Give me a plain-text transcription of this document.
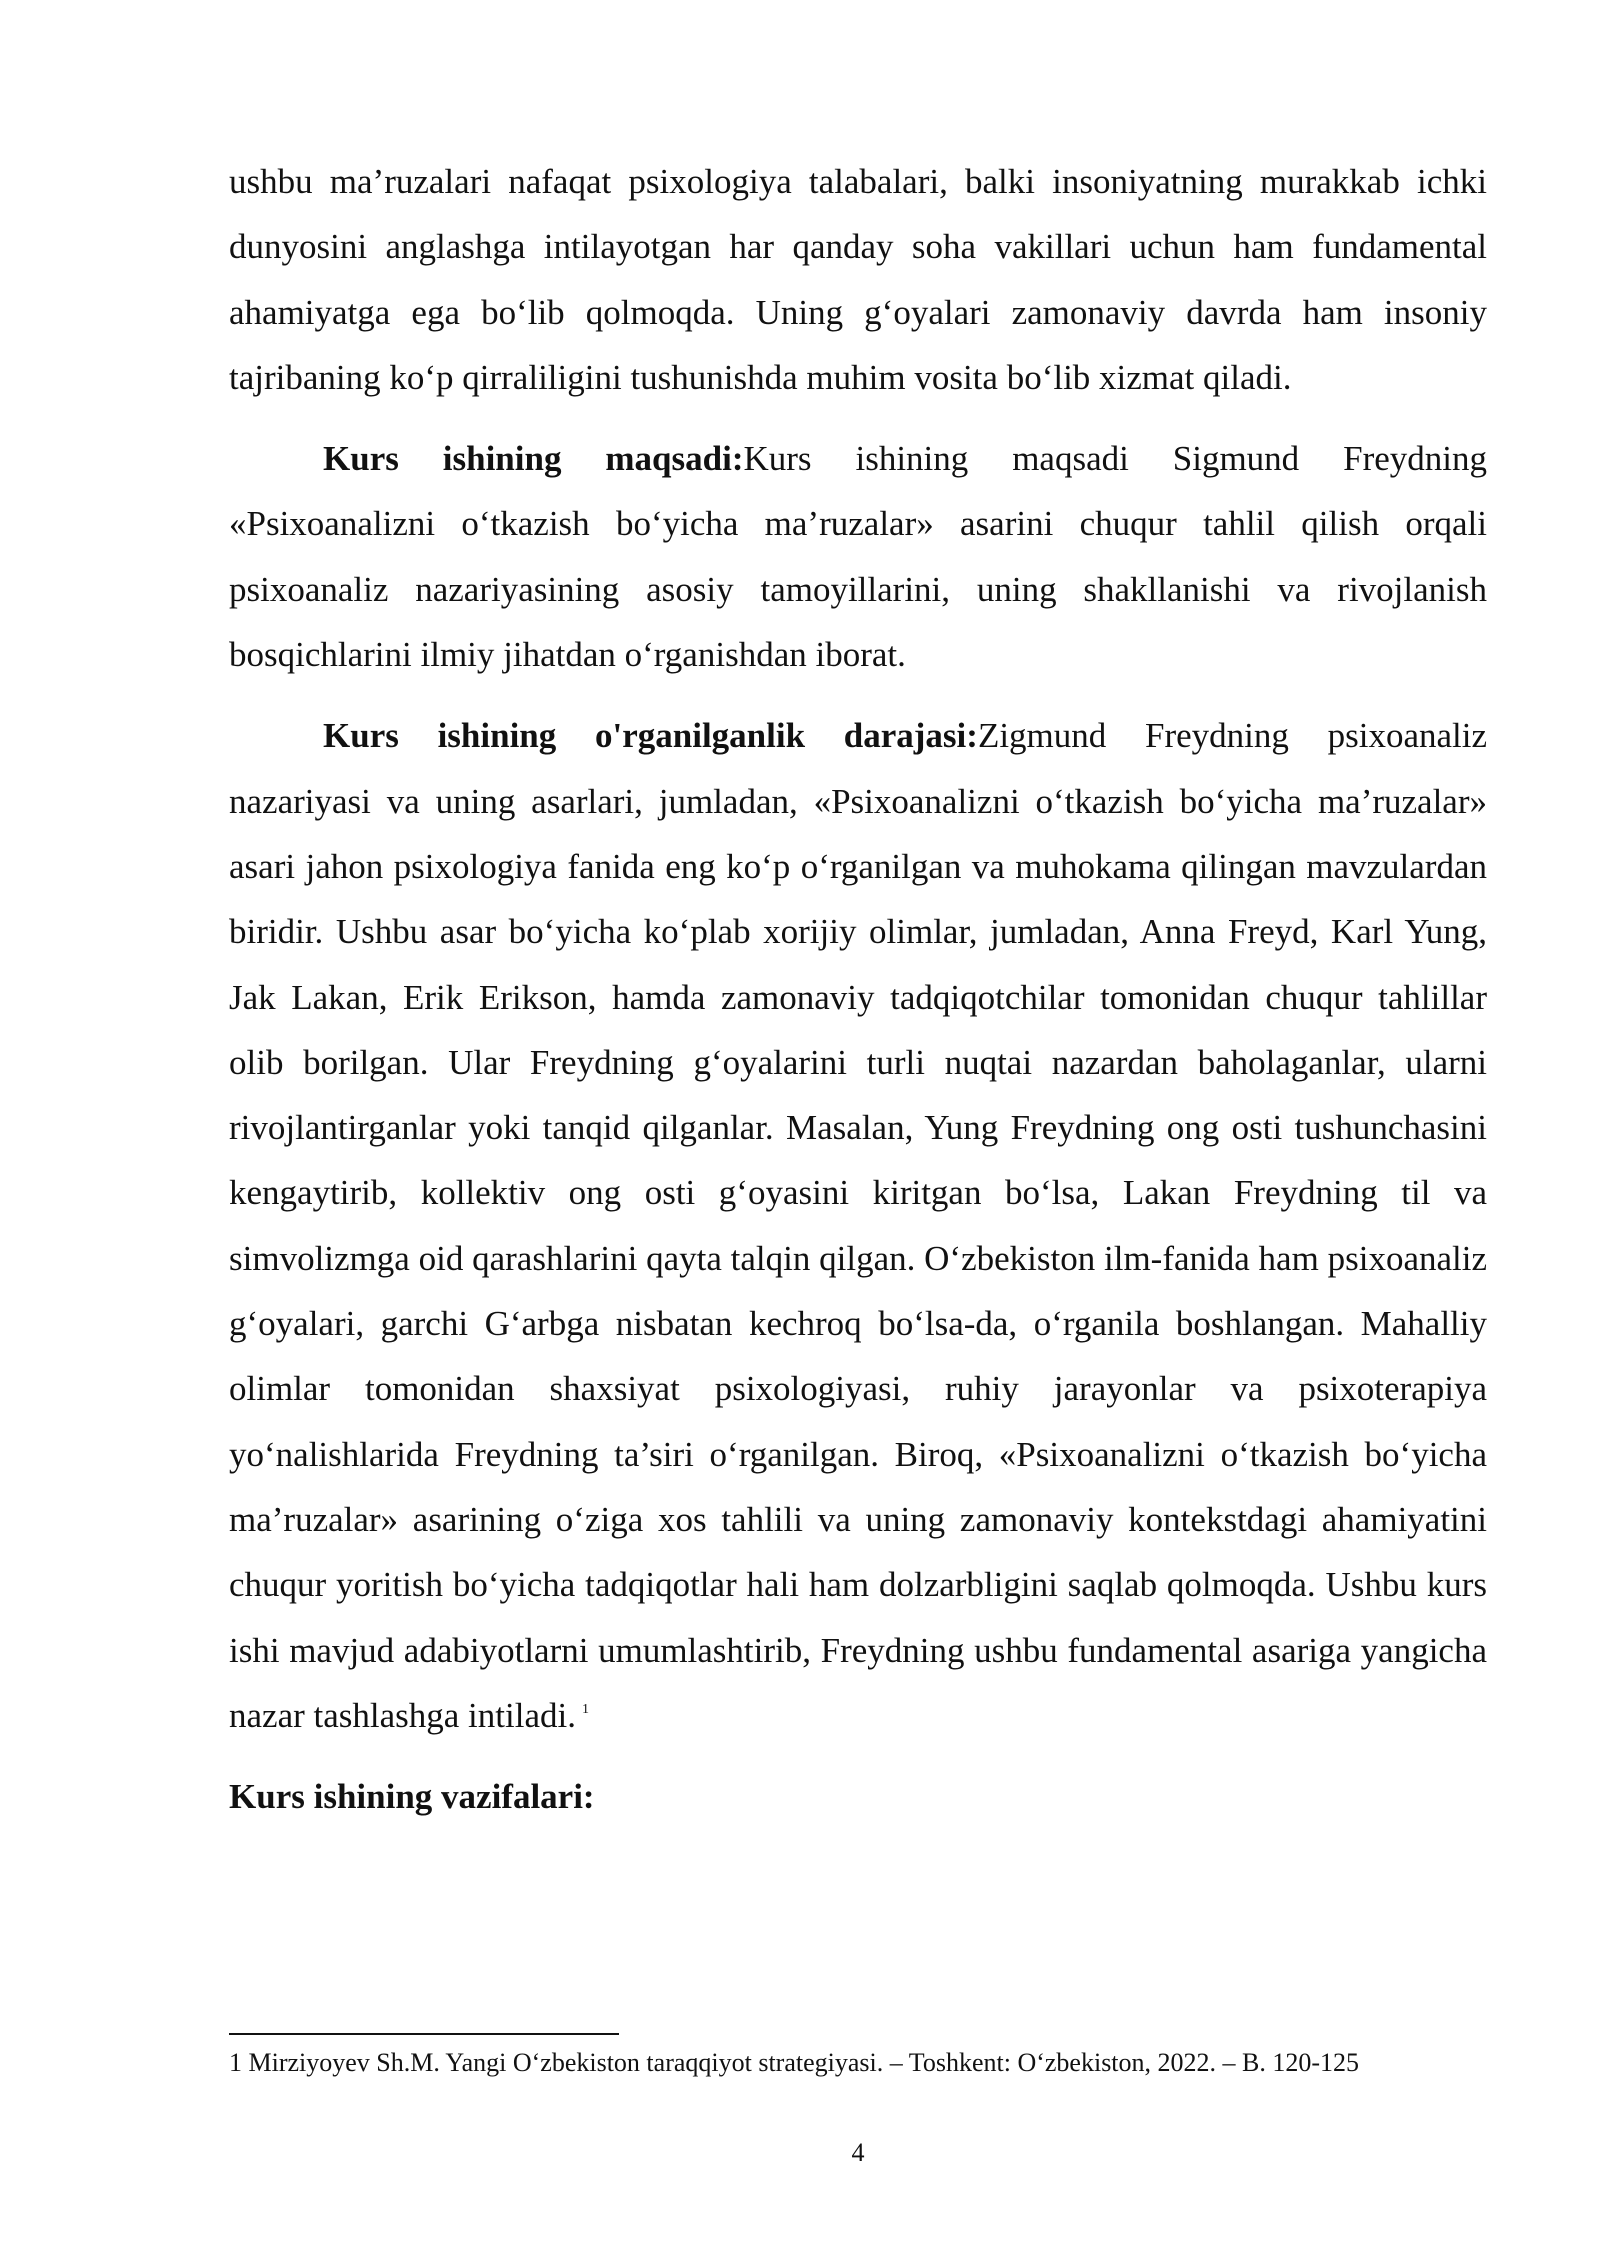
ushbu ma’ruzalari nafaqat psixologiya talabalari, balki insoniyatning murakkab ichki dunyosini anglashga intilayotgan har qanday soha vakillari uchun ham fundamental ahamiyatga ega bo‘lib qolmoqda. Uning g‘oyalari zamonaviy davrda ham insoniy tajribaning ko‘p qirraliligini tushunishda muhim vosita bo‘lib xizmat qiladi.

Kurs ishining maqsadi:Kurs ishining maqsadi Sigmund Freydning «Psixoanalizni o‘tkazish bo‘yicha ma’ruzalar» asarini chuqur tahlil qilish orqali psixoanaliz nazariyasining asosiy tamoyillarini, uning shakllanishi va rivojlanish bosqichlarini ilmiy jihatdan o‘rganishdan iborat.

Kurs ishining o'rganilganlik darajasi:Zigmund Freydning psixoanaliz nazariyasi va uning asarlari, jumladan, «Psixoanalizni o‘tkazish bo‘yicha ma’ruzalar» asari jahon psixologiya fanida eng ko‘p o‘rganilgan va muhokama qilingan mavzulardan biridir. Ushbu asar bo‘yicha ko‘plab xorijiy olimlar, jumladan, Anna Freyd, Karl Yung, Jak Lakan, Erik Erikson, hamda zamonaviy tadqiqotchilar tomonidan chuqur tahlillar olib borilgan. Ular Freydning g‘oyalarini turli nuqtai nazardan baholaganlar, ularni rivojlantirganlar yoki tanqid qilganlar. Masalan, Yung Freydning ong osti tushunchasini kengaytirib, kollektiv ong osti g‘oyasini kiritgan bo‘lsa, Lakan Freydning til va simvolizmga oid qarashlarini qayta talqin qilgan. O‘zbekiston ilm-fanida ham psixoanaliz g‘oyalari, garchi G‘arbga nisbatan kechroq bo‘lsa-da, o‘rganila boshlangan. Mahalliy olimlar tomonidan shaxsiyat psixologiyasi, ruhiy jarayonlar va psixoterapiya yo‘nalishlarida Freydning ta’siri o‘rganilgan. Biroq, «Psixoanalizni o‘tkazish bo‘yicha ma’ruzalar» asarining o‘ziga xos tahlili va uning zamonaviy kontekstdagi ahamiyatini chuqur yoritish bo‘yicha tadqiqotlar hali ham dolzarbligini saqlab qolmoqda. Ushbu kurs ishi mavjud adabiyotlarni umumlashtirib, Freydning ushbu fundamental asariga yangicha nazar tashlashga intiladi. $^1$

Kurs ishining vazifalari:

1 Mirziyoyev Sh.M. Yangi O‘zbekiston taraqqiyot strategiyasi. – Toshkent: O‘zbekiston, 2022. – B. 120-125
4
